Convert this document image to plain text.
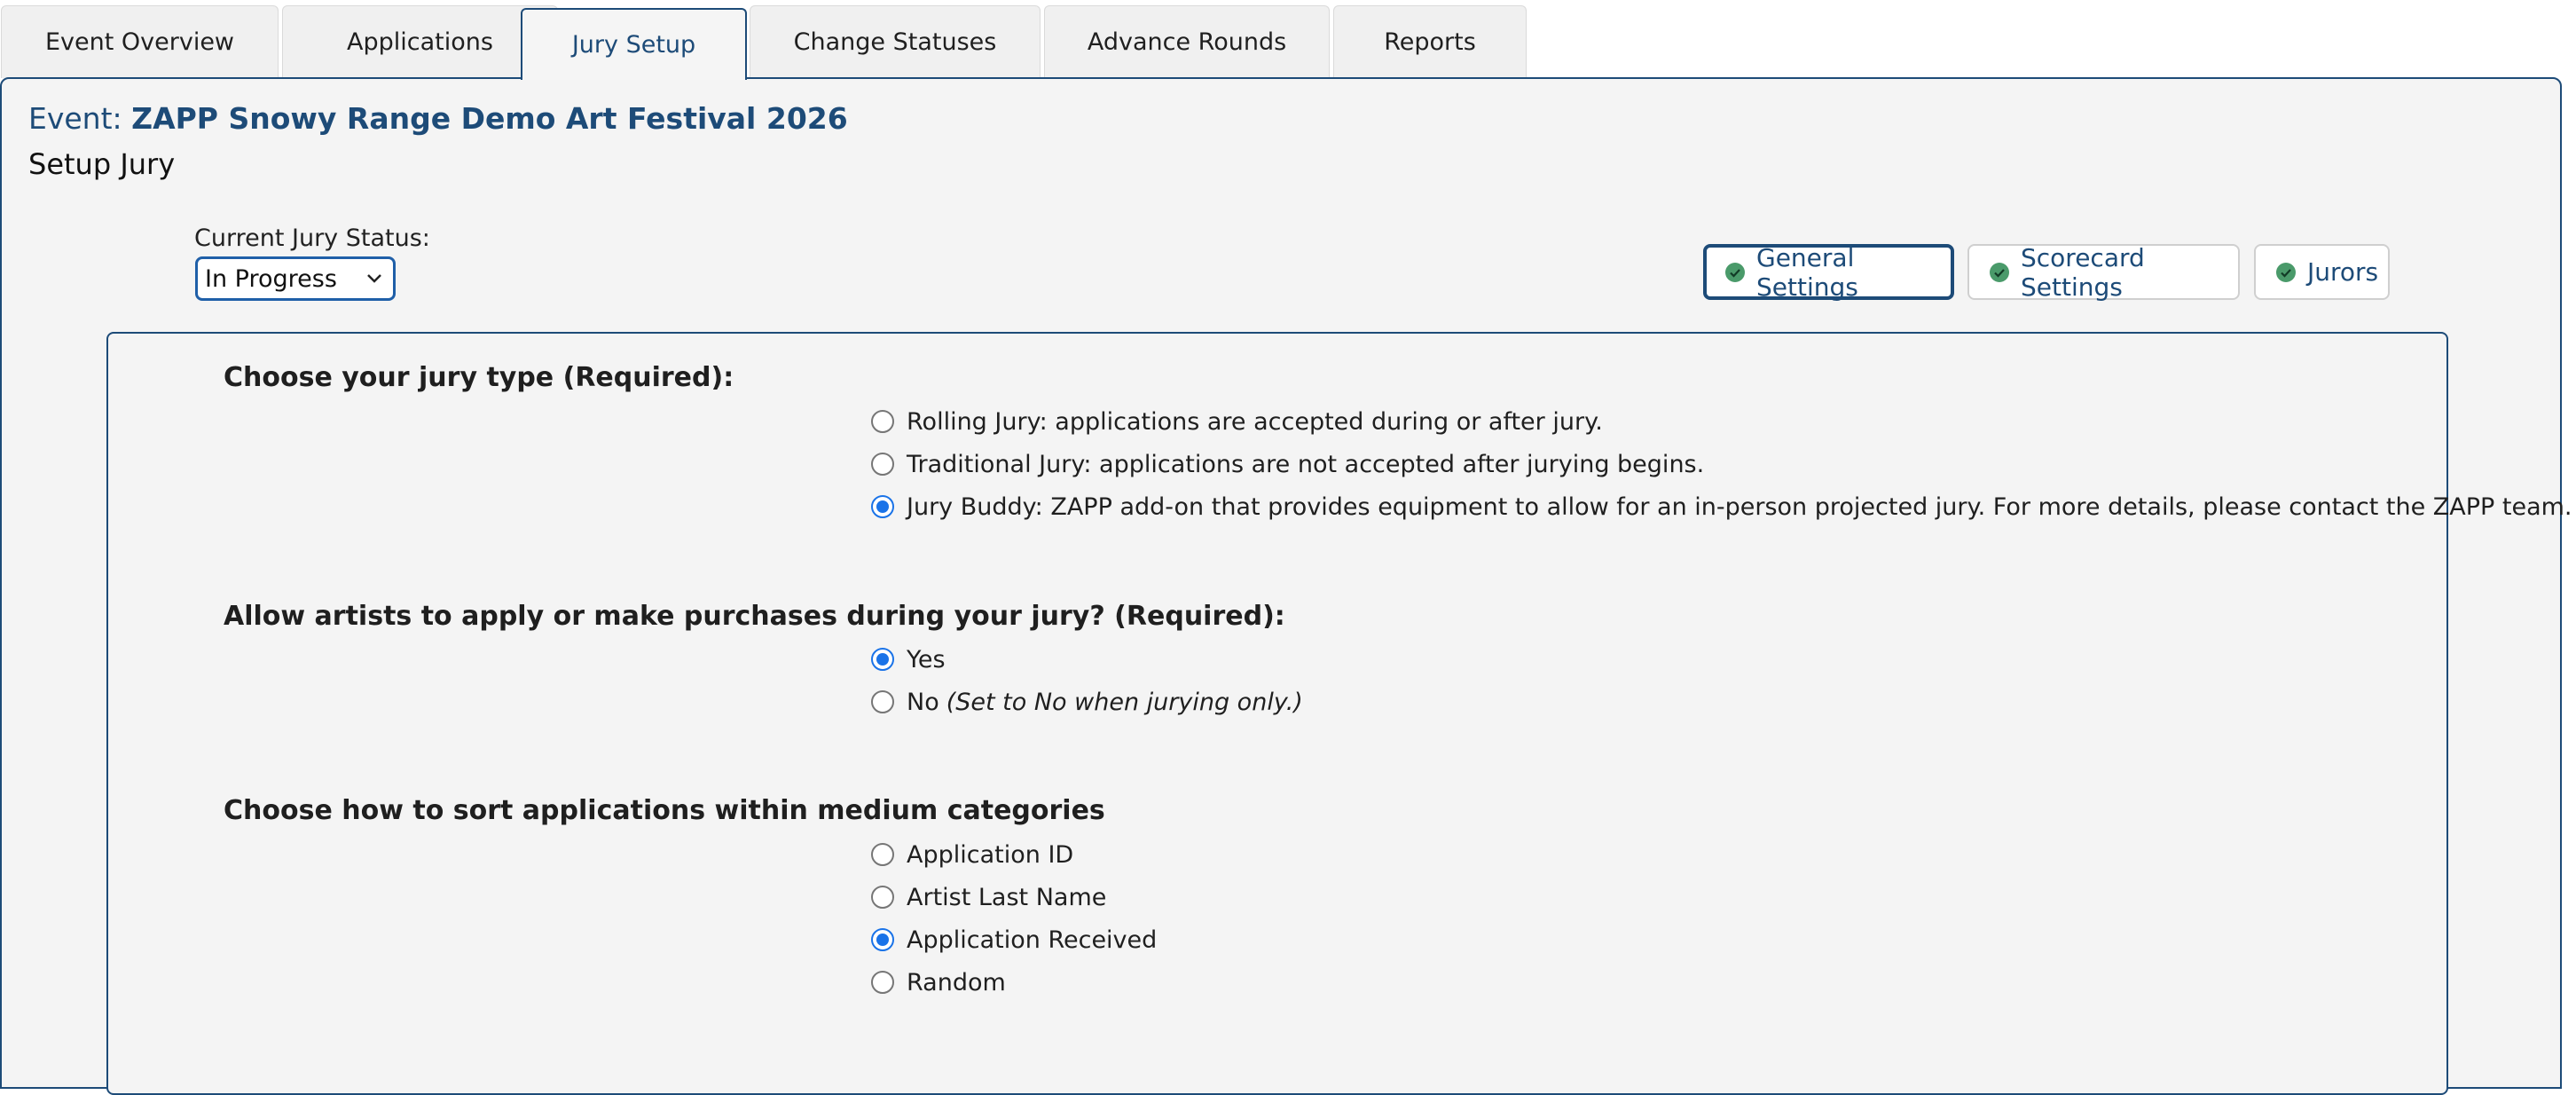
Event Overview	Applications	Jury Setup	Change Statuses	Advance Rounds	Reports
Event: ZAPP Snowy Range Demo Art Festival 2026
Setup Jury
Current Jury Status:
In Progress
General Settings
Scorecard Settings	Jurors
Choose your jury type (Required):
Rolling Jury: applications are accepted during or after jury.
Traditional Jury: applications are not accepted after jurying begins.
Jury Buddy: ZAPP add-on that provides equipment to allow for an in-person projected jury. For more details, please contact the ZAPP team.
Allow artists to apply or make purchases during your jury? (Required):
Yes
No (Set to No when jurying only.)
Choose how to sort applications within medium categories
Application ID
Artist Last Name
Application Received
Random
